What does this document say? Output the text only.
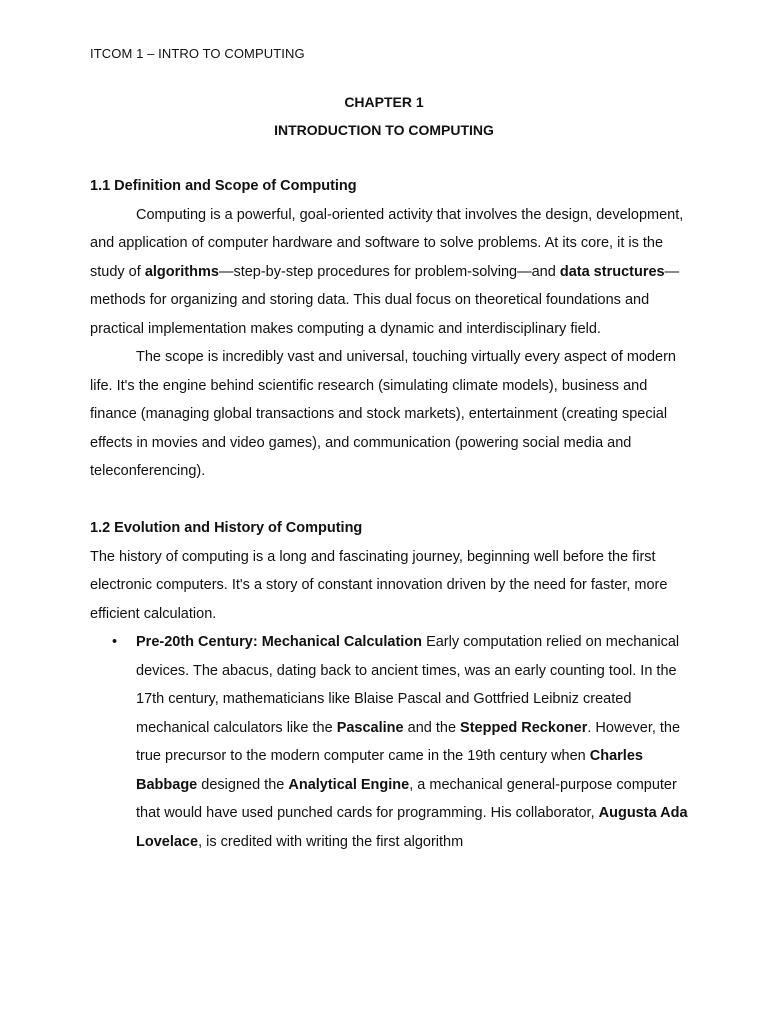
ITCOM 1 – INTRO TO COMPUTING
CHAPTER 1
INTRODUCTION TO COMPUTING

1.1 Definition and Scope of Computing

Computing is a powerful, goal-oriented activity that involves the design, development, and application of computer hardware and software to solve problems. At its core, it is the study of algorithms—step-by-step procedures for problem-solving—and data structures—methods for organizing and storing data. This dual focus on theoretical foundations and practical implementation makes computing a dynamic and interdisciplinary field.

The scope is incredibly vast and universal, touching virtually every aspect of modern life. It's the engine behind scientific research (simulating climate models), business and finance (managing global transactions and stock markets), entertainment (creating special effects in movies and video games), and communication (powering social media and teleconferencing).

1.2 Evolution and History of Computing

The history of computing is a long and fascinating journey, beginning well before the first electronic computers. It's a story of constant innovation driven by the need for faster, more efficient calculation.

• Pre-20th Century: Mechanical Calculation Early computation relied on mechanical devices. The abacus, dating back to ancient times, was an early counting tool. In the 17th century, mathematicians like Blaise Pascal and Gottfried Leibniz created mechanical calculators like the Pascaline and the Stepped Reckoner. However, the true precursor to the modern computer came in the 19th century when Charles Babbage designed the Analytical Engine, a mechanical general-purpose computer that would have used punched cards for programming. His collaborator, Augusta Ada Lovelace, is credited with writing the first algorithm
